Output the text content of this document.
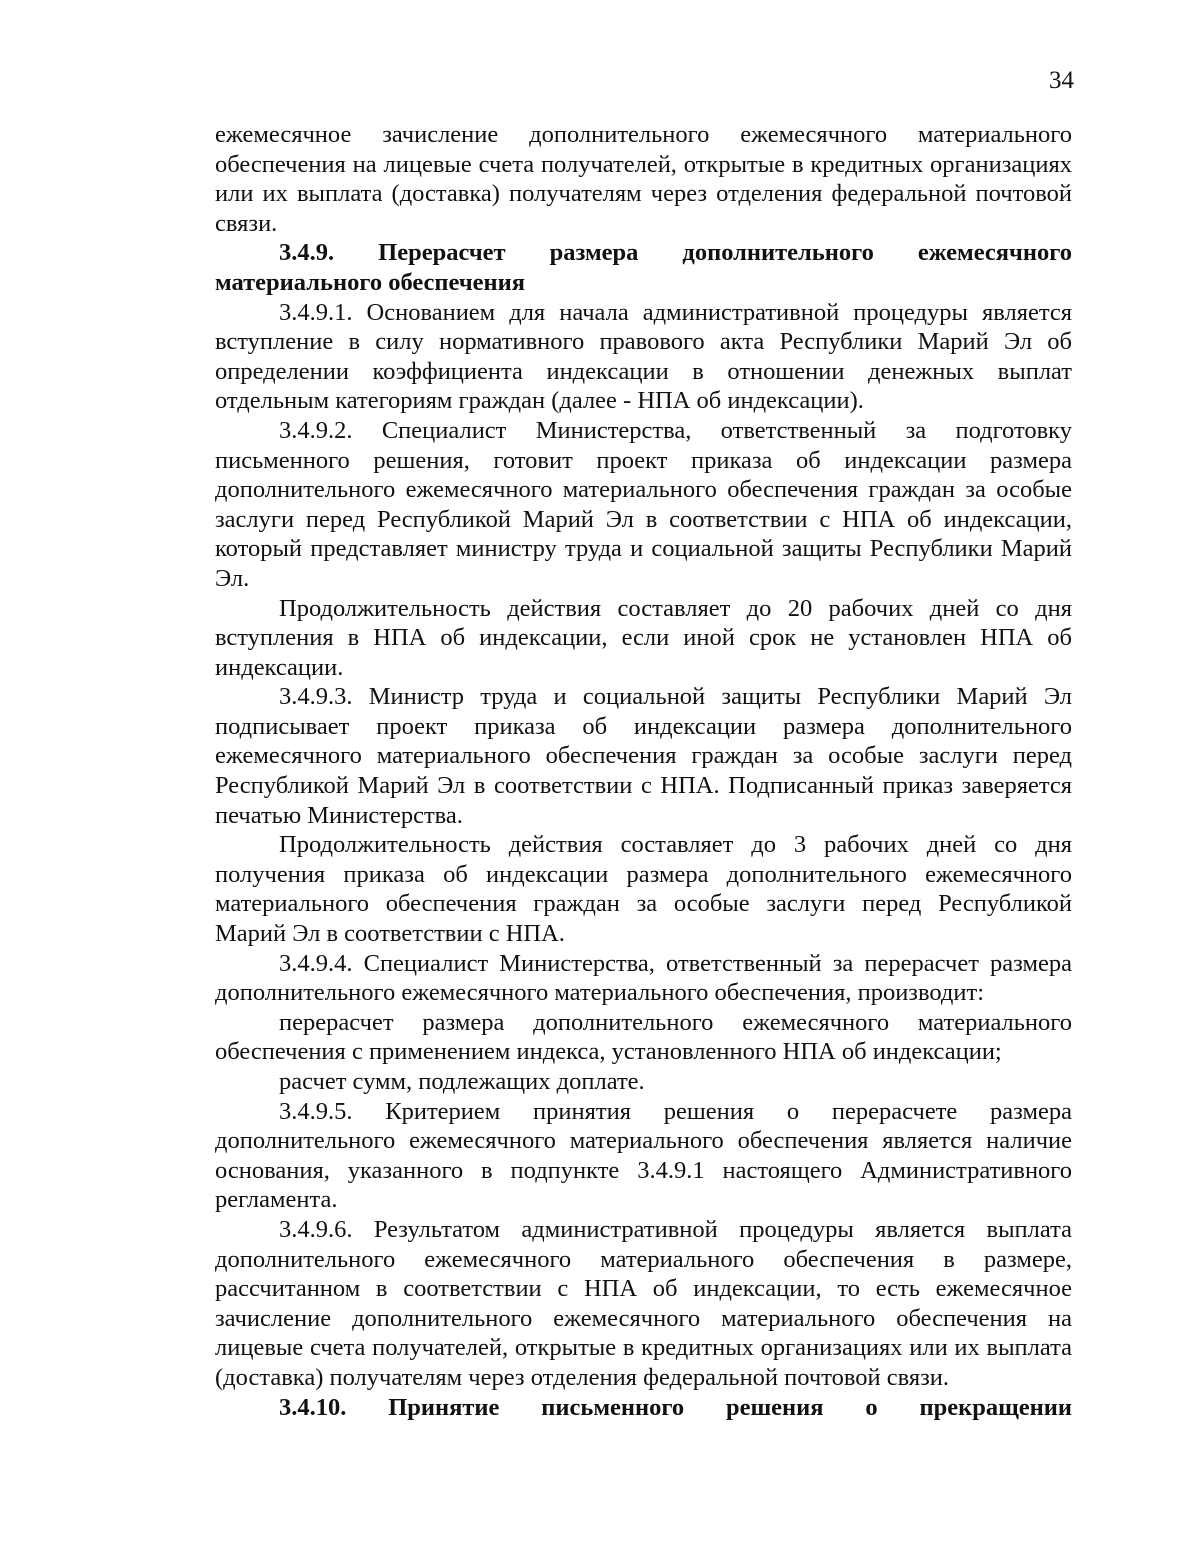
34

ежемесячное зачисление дополнительного ежемесячного материального обеспечения на лицевые счета получателей, открытые в кредитных организациях или их выплата (доставка) получателям через отделения федеральной почтовой связи.

3.4.9. Перерасчет размера дополнительного ежемесячного материального обеспечения

3.4.9.1. Основанием для начала административной процедуры является вступление в силу нормативного правового акта Республики Марий Эл об определении коэффициента индексации в отношении денежных выплат отдельным категориям граждан (далее - НПА об индексации).

3.4.9.2. Специалист Министерства, ответственный за подготовку письменного решения, готовит проект приказа об индексации размера дополнительного ежемесячного материального обеспечения граждан за особые заслуги перед Республикой Марий Эл в соответствии с НПА об индексации, который представляет министру труда и социальной защиты Республики Марий Эл.

Продолжительность действия составляет до 20 рабочих дней со дня вступления в НПА об индексации, если иной срок не установлен НПА об индексации.

3.4.9.3. Министр труда и социальной защиты Республики Марий Эл подписывает проект приказа об индексации размера дополнительного ежемесячного материального обеспечения граждан за особые заслуги перед Республикой Марий Эл в соответствии с НПА. Подписанный приказ заверяется печатью Министерства.

Продолжительность действия составляет до 3 рабочих дней со дня получения приказа об индексации размера дополнительного ежемесячного материального обеспечения граждан за особые заслуги перед Республикой Марий Эл в соответствии с НПА.

3.4.9.4. Специалист Министерства, ответственный за перерасчет размера дополнительного ежемесячного материального обеспечения, производит:

перерасчет размера дополнительного ежемесячного материального обеспечения с применением индекса, установленного НПА об индексации;

расчет сумм, подлежащих доплате.

3.4.9.5. Критерием принятия решения о перерасчете размера дополнительного ежемесячного материального обеспечения является наличие основания, указанного в подпункте 3.4.9.1 настоящего Административного регламента.

3.4.9.6. Результатом административной процедуры является выплата дополнительного ежемесячного материального обеспечения в размере, рассчитанном в соответствии с НПА об индексации, то есть ежемесячное зачисление дополнительного ежемесячного материального обеспечения на лицевые счета получателей, открытые в кредитных организациях или их выплата (доставка) получателям через отделения федеральной почтовой связи.

3.4.10. Принятие письменного решения о прекращении
